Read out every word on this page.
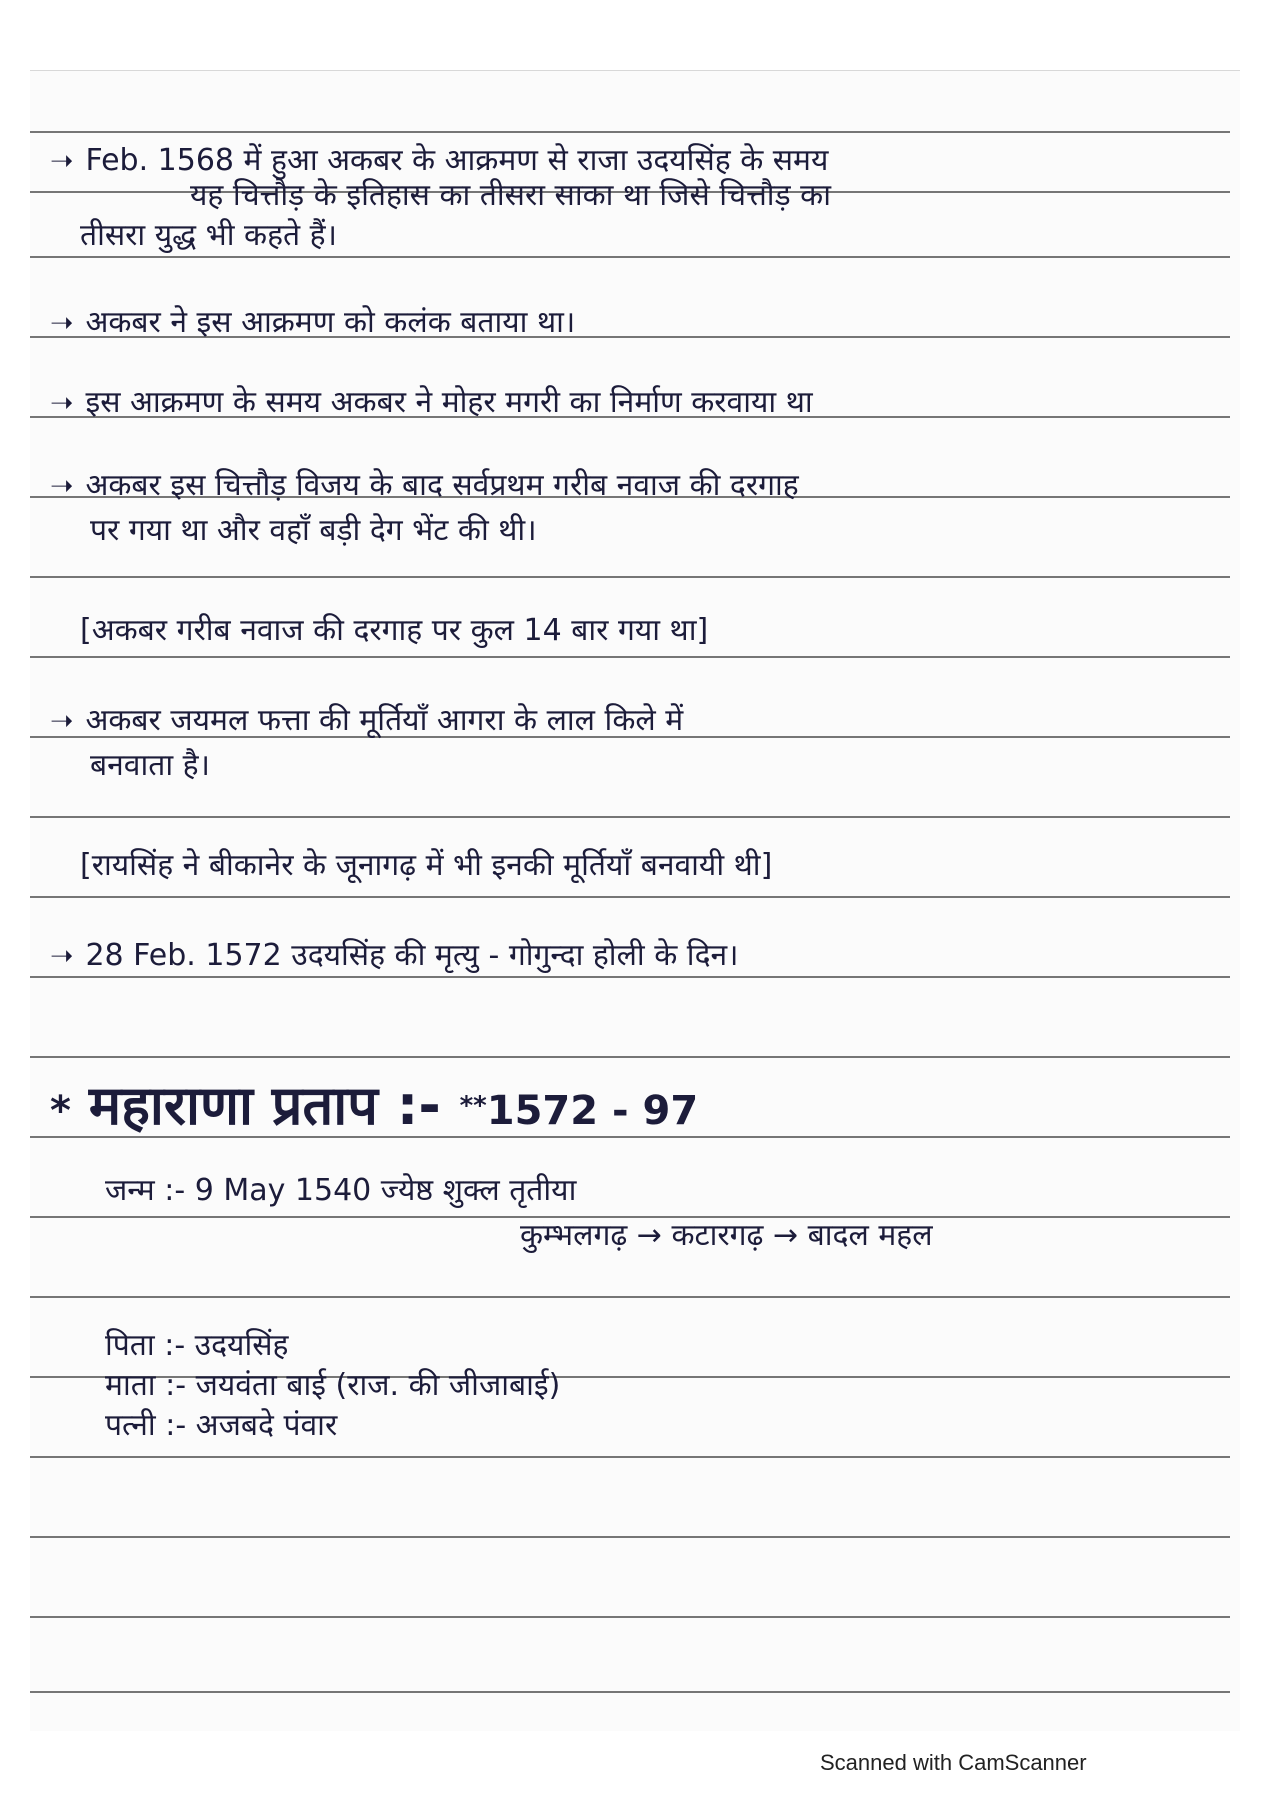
➝ Feb. 1568 में हुआ अकबर के आक्रमण से राजा उदयसिंह के समय
यह चित्तौड़ के इतिहास का तीसरा साका था जिसे चित्तौड़ का
तीसरा युद्ध भी कहते हैं।
➝ अकबर ने इस आक्रमण को कलंक बताया था।
➝ इस आक्रमण के समय अकबर ने मोहर मगरी का निर्माण करवाया था
➝ अकबर इस चित्तौड़ विजय के बाद सर्वप्रथम गरीब नवाज की दरगाह
पर गया था और वहाँ बड़ी देग भेंट की थी।
[अकबर गरीब नवाज की दरगाह पर कुल 14 बार गया था]
➝ अकबर जयमल फत्ता की मूर्तियाँ आगरा के लाल किले में
बनवाता है।
[रायसिंह ने बीकानेर के जूनागढ़ में भी इनकी मूर्तियाँ बनवायी थी]
➝ 28 Feb. 1572 उदयसिंह की मृत्यु - गोगुन्दा होली के दिन।
* महाराणा प्रताप :- **1572 - 97
जन्म :- 9 May 1540 ज्येष्ठ शुक्ल तृतीया
कुम्भलगढ़ → कटारगढ़ → बादल महल
पिता :- उदयसिंह
माता :- जयवंता बाई (राज. की जीजाबाई)
पत्नी :- अजबदे पंवार
Scanned with CamScanner
